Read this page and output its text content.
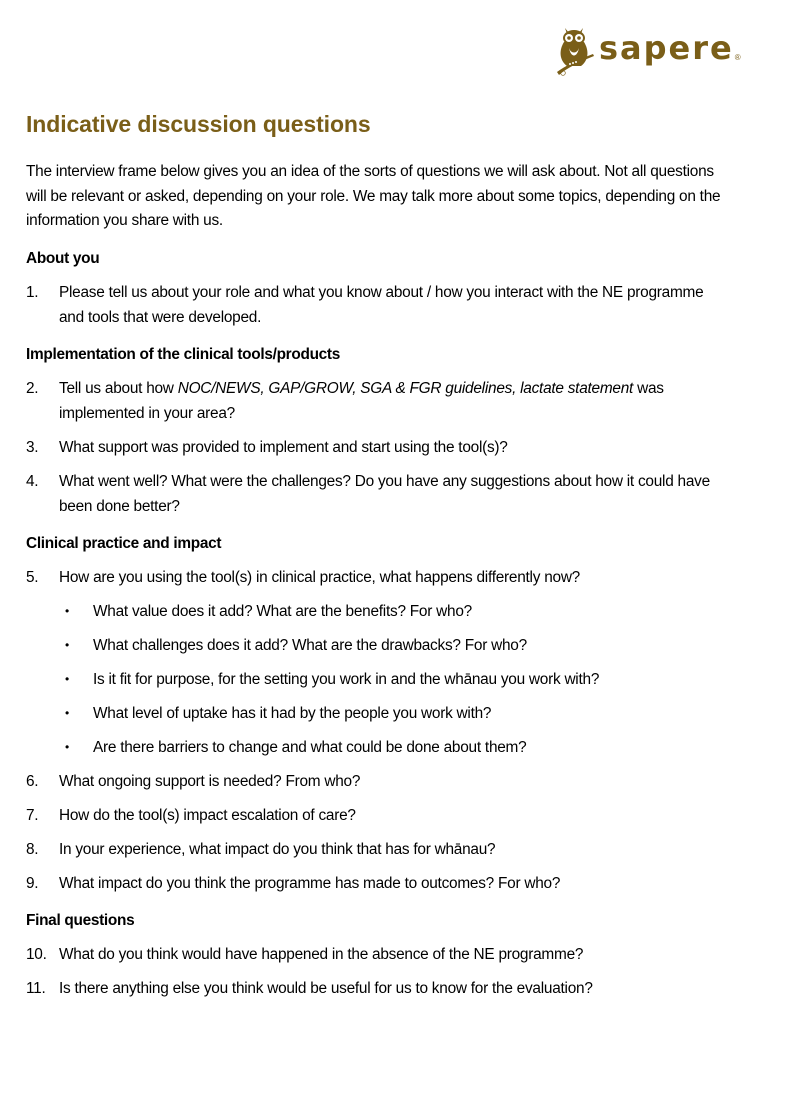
sapere ®
Indicative discussion questions

The interview frame below gives you an idea of the sorts of questions we will ask about. Not all questions will be relevant or asked, depending on your role. We may talk more about some topics, depending on the information you share with us.

About you
1.	Please tell us about your role and what you know about / how you interact with the NE programme and tools that were developed.
Implementation of the clinical tools/products
2.	Tell us about how NOC/NEWS, GAP/GROW, SGA & FGR guidelines, lactate statement was implemented in your area?
3.	What support was provided to implement and start using the tool(s)?
4.	What went well? What were the challenges? Do you have any suggestions about how it could have been done better?
Clinical practice and impact
5.	How are you using the tool(s) in clinical practice, what happens differently now?
•	What value does it add? What are the benefits? For who?
•	What challenges does it add? What are the drawbacks? For who?
•	Is it fit for purpose, for the setting you work in and the whānau you work with?
•	What level of uptake has it had by the people you work with?
•	Are there barriers to change and what could be done about them?
6.	What ongoing support is needed? From who?
7.	How do the tool(s) impact escalation of care?
8.	In your experience, what impact do you think that has for whānau?
9.	What impact do you think the programme has made to outcomes? For who?
Final questions
10. What do you think would have happened in the absence of the NE programme?
11. Is there anything else you think would be useful for us to know for the evaluation?
